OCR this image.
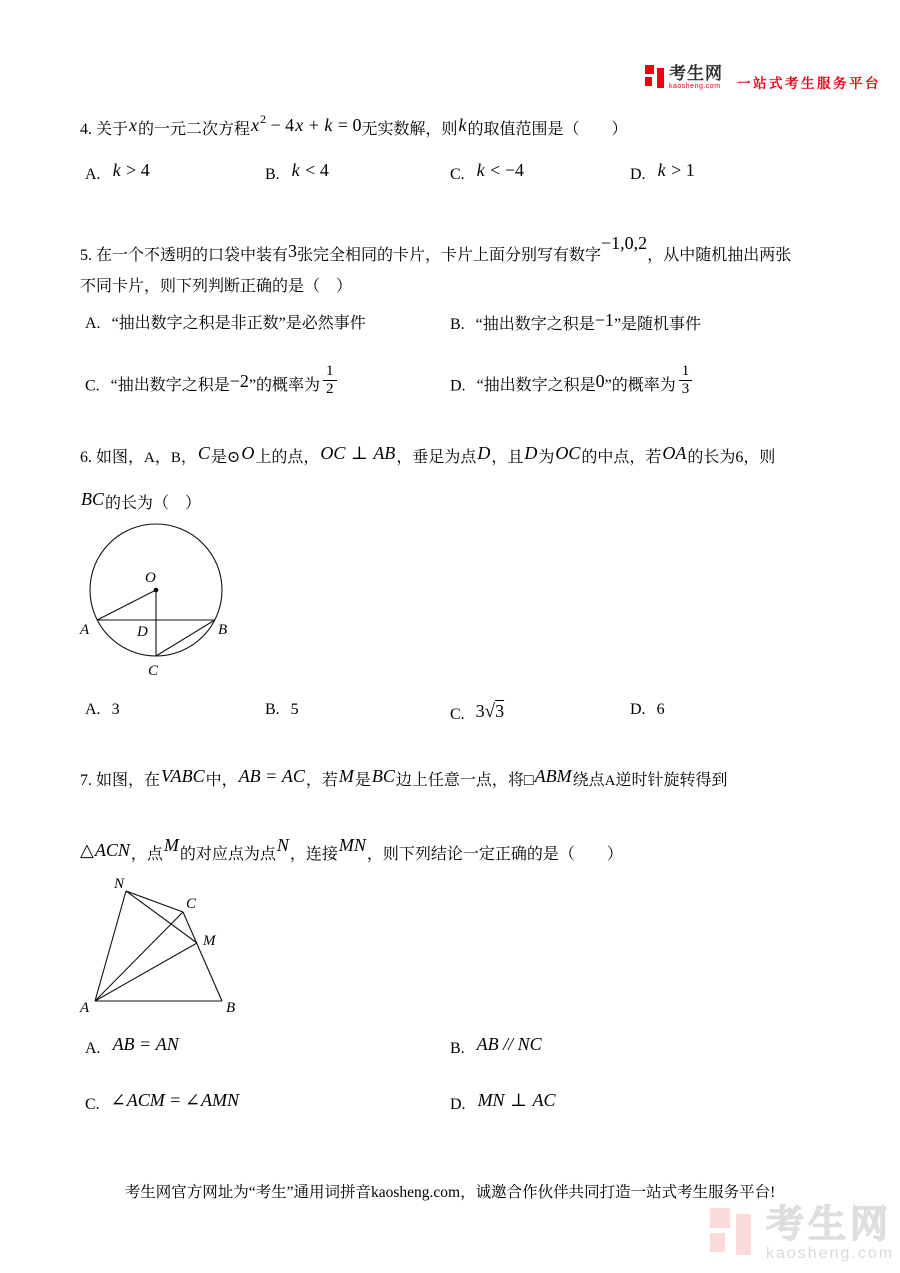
考生网
kaosheng.com 一站式考生服务平台
4. 关于x的一元二次方程$x^2 - 4x + k = 0$无实数解，则k的取值范围是（　　）
A. k > 4	B. k < 4	C. k < −4	D. k > 1
5. 在一个不透明的口袋中装有3张完全相同的卡片，卡片上面分别写有数字−1,0,2，从中随机抽出两张
不同卡片，则下列判断正确的是（　）
A. “抽出数字之积是非正数”是必然事件	B. “抽出数字之积是−1”是随机事件
C. “抽出数字之积是−2”的概率为 $\frac{1}{2}$	D. “抽出数字之积是0”的概率为 $\frac{1}{3}$
6. 如图，A，B，C是⊙O上的点，OC ⊥ AB，垂足为点D，且D为OC的中点，若OA的长为6，则
BC的长为（　）
O
A	D	B
C
A. 3	B. 5	C. 3√3	D. 6
7. 如图，在VABC中，AB = AC，若M是BC边上任意一点，将□ABM绕点A逆时针旋转得到
△ACN，点M的对应点为点N，连接MN，则下列结论一定正确的是（　　）
N
C
M
A	B
A. AB = AN	B. AB // NC
C. ∠ACM = ∠AMN	D. MN ⊥ AC
考生网官方网址为“考生”通用词拼音kaosheng.com，诚邀合作伙伴共同打造一站式考生服务平台!
考生网
kaosheng.com
